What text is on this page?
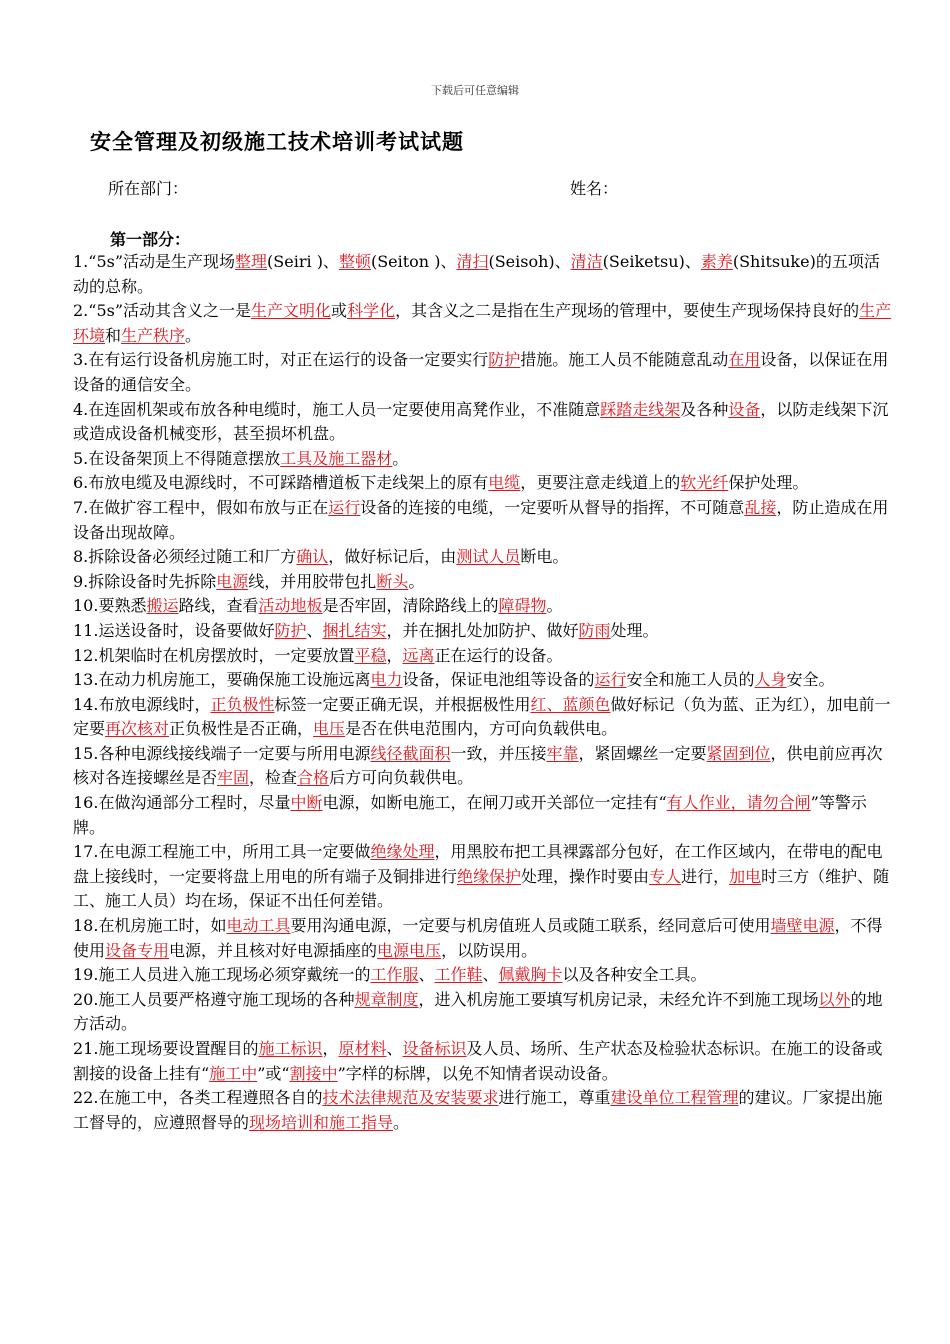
下载后可任意编辑
安全管理及初级施工技术培训考试试题
所在部门：	姓名：
第一部分：

1.“5s”活动是生产现场整理(Seiri )、整顿(Seiton )、清扫(Seisoh)、清洁(Seiketsu)、素养(Shitsuke)的五项活动的总称。

2.“5s”活动其含义之一是生产文明化或科学化，其含义之二是指在生产现场的管理中，要使生产现场保持良好的生产环境和生产秩序。

3.在有运行设备机房施工时，对正在运行的设备一定要实行防护措施。施工人员不能随意乱动在用设备，以保证在用设备的通信安全。

4.在连固机架或布放各种电缆时，施工人员一定要使用高凳作业，不准随意踩踏走线架及各种设备，以防走线架下沉或造成设备机械变形，甚至损坏机盘。

5.在设备架顶上不得随意摆放工具及施工器材。

6.布放电缆及电源线时，不可踩踏槽道板下走线架上的原有电缆，更要注意走线道上的软光纤保护处理。

7.在做扩容工程中，假如布放与正在运行设备的连接的电缆，一定要听从督导的指挥，不可随意乱接，防止造成在用设备出现故障。

8.拆除设备必须经过随工和厂方确认，做好标记后，由测试人员断电。

9.拆除设备时先拆除电源线，并用胶带包扎断头。

10.要熟悉搬运路线，查看活动地板是否牢固，清除路线上的障碍物。

11.运送设备时，设备要做好防护、捆扎结实，并在捆扎处加防护、做好防雨处理。

12.机架临时在机房摆放时，一定要放置平稳，远离正在运行的设备。

13.在动力机房施工，要确保施工设施远离电力设备，保证电池组等设备的运行安全和施工人员的人身安全。

14.布放电源线时，正负极性标签一定要正确无误，并根据极性用红、蓝颜色做好标记（负为蓝、正为红），加电前一定要再次核对正负极性是否正确，电压是否在供电范围内，方可向负载供电。

15.各种电源线接线端子一定要与所用电源线径截面积一致，并压接牢靠，紧固螺丝一定要紧固到位，供电前应再次核对各连接螺丝是否牢固，检查合格后方可向负载供电。

16.在做沟通部分工程时，尽量中断电源，如断电施工，在闸刀或开关部位一定挂有“有人作业，请勿合闸”等警示牌。

17.在电源工程施工中，所用工具一定要做绝缘处理，用黑胶布把工具裸露部分包好，在工作区域内，在带电的配电盘上接线时，一定要将盘上用电的所有端子及铜排进行绝缘保护处理，操作时要由专人进行，加电时三方（维护、随工、施工人员）均在场，保证不出任何差错。

18.在机房施工时，如电动工具要用沟通电源，一定要与机房值班人员或随工联系，经同意后可使用墙壁电源，不得使用设备专用电源，并且核对好电源插座的电源电压，以防误用。

19.施工人员进入施工现场必须穿戴统一的工作服、工作鞋、佩戴胸卡以及各种安全工具。

20.施工人员要严格遵守施工现场的各种规章制度，进入机房施工要填写机房记录，未经允许不到施工现场以外的地方活动。

21.施工现场要设置醒目的施工标识，原材料、设备标识及人员、场所、生产状态及检验状态标识。在施工的设备或割接的设备上挂有“施工中”或“割接中”字样的标牌，以免不知情者误动设备。

22.在施工中，各类工程遵照各自的技术法律规范及安装要求进行施工，尊重建设单位工程管理的建议。厂家提出施工督导的，应遵照督导的现场培训和施工指导。
